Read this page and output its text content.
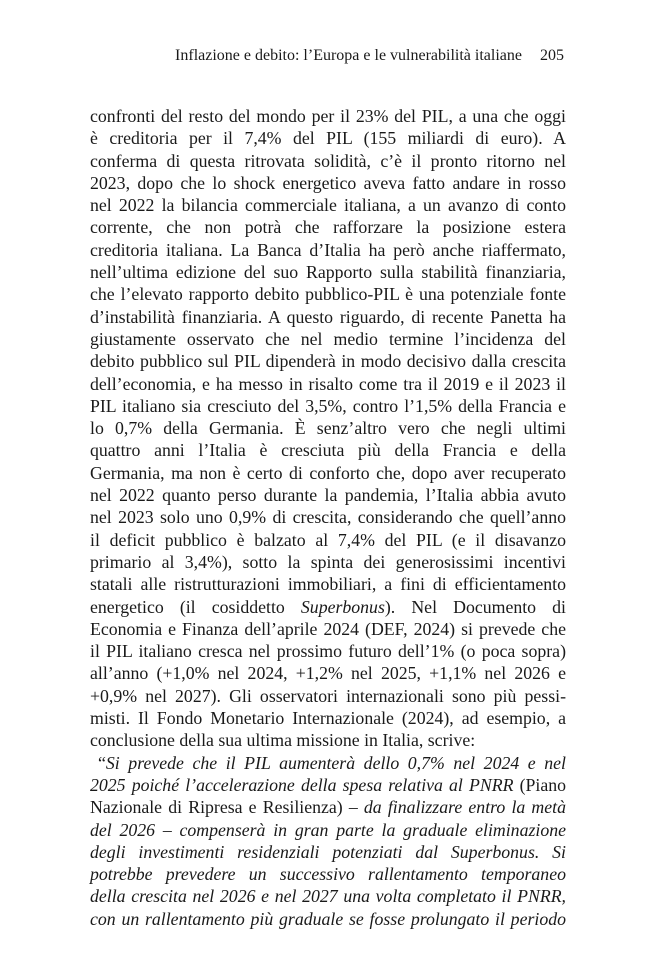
Inflazione e debito: l’Europa e le vulnerabilità italiane 205
confronti del resto del mondo per il 23% del PIL, a una che oggi
è creditoria per il 7,4% del PIL (155 miliardi di euro). A
conferma di questa ritrovata solidità, c’è il pronto ritorno nel
2023, dopo che lo shock energetico aveva fatto andare in rosso
nel 2022 la bilancia commerciale italiana, a un avanzo di conto
corrente, che non potrà che rafforzare la posizione estera
creditoria italiana. La Banca d’Italia ha però anche riaffermato,
nell’ultima edizione del suo Rapporto sulla stabilità finanziaria,
che l’elevato rapporto debito pubblico-PIL è una potenziale fonte
d’instabilità finanziaria. A questo riguardo, di recente Panetta ha
giustamente osservato che nel medio termine l’incidenza del
debito pubblico sul PIL dipenderà in modo decisivo dalla crescita
dell’economia, e ha messo in risalto come tra il 2019 e il 2023 il
PIL italiano sia cresciuto del 3,5%, contro l’1,5% della Francia e
lo 0,7% della Germania. È senz’altro vero che negli ultimi
quattro anni l’Italia è cresciuta più della Francia e della
Germania, ma non è certo di conforto che, dopo aver recuperato
nel 2022 quanto perso durante la pandemia, l’Italia abbia avuto
nel 2023 solo uno 0,9% di crescita, considerando che quell’anno
il deficit pubblico è balzato al 7,4% del PIL (e il disavanzo
primario al 3,4%), sotto la spinta dei generosissimi incentivi
statali alle ristrutturazioni immobiliari, a fini di efficientamento
energetico (il cosiddetto Superbonus). Nel Documento di
Economia e Finanza dell’aprile 2024 (DEF, 2024) si prevede che
il PIL italiano cresca nel prossimo futuro dell’1% (o poca sopra)
all’anno (+1,0% nel 2024, +1,2% nel 2025, +1,1% nel 2026 e
+0,9% nel 2027). Gli osservatori internazionali sono più pessi-
misti. Il Fondo Monetario Internazionale (2024), ad esempio, a
conclusione della sua ultima missione in Italia, scrive:
“Si prevede che il PIL aumenterà dello 0,7% nel 2024 e nel
2025 poiché l’accelerazione della spesa relativa al PNRR (Piano
Nazionale di Ripresa e Resilienza) – da finalizzare entro la metà
del 2026 – compenserà in gran parte la graduale eliminazione
degli investimenti residenziali potenziati dal Superbonus. Si
potrebbe prevedere un successivo rallentamento temporaneo
della crescita nel 2026 e nel 2027 una volta completato il PNRR,
con un rallentamento più graduale se fosse prolungato il periodo
